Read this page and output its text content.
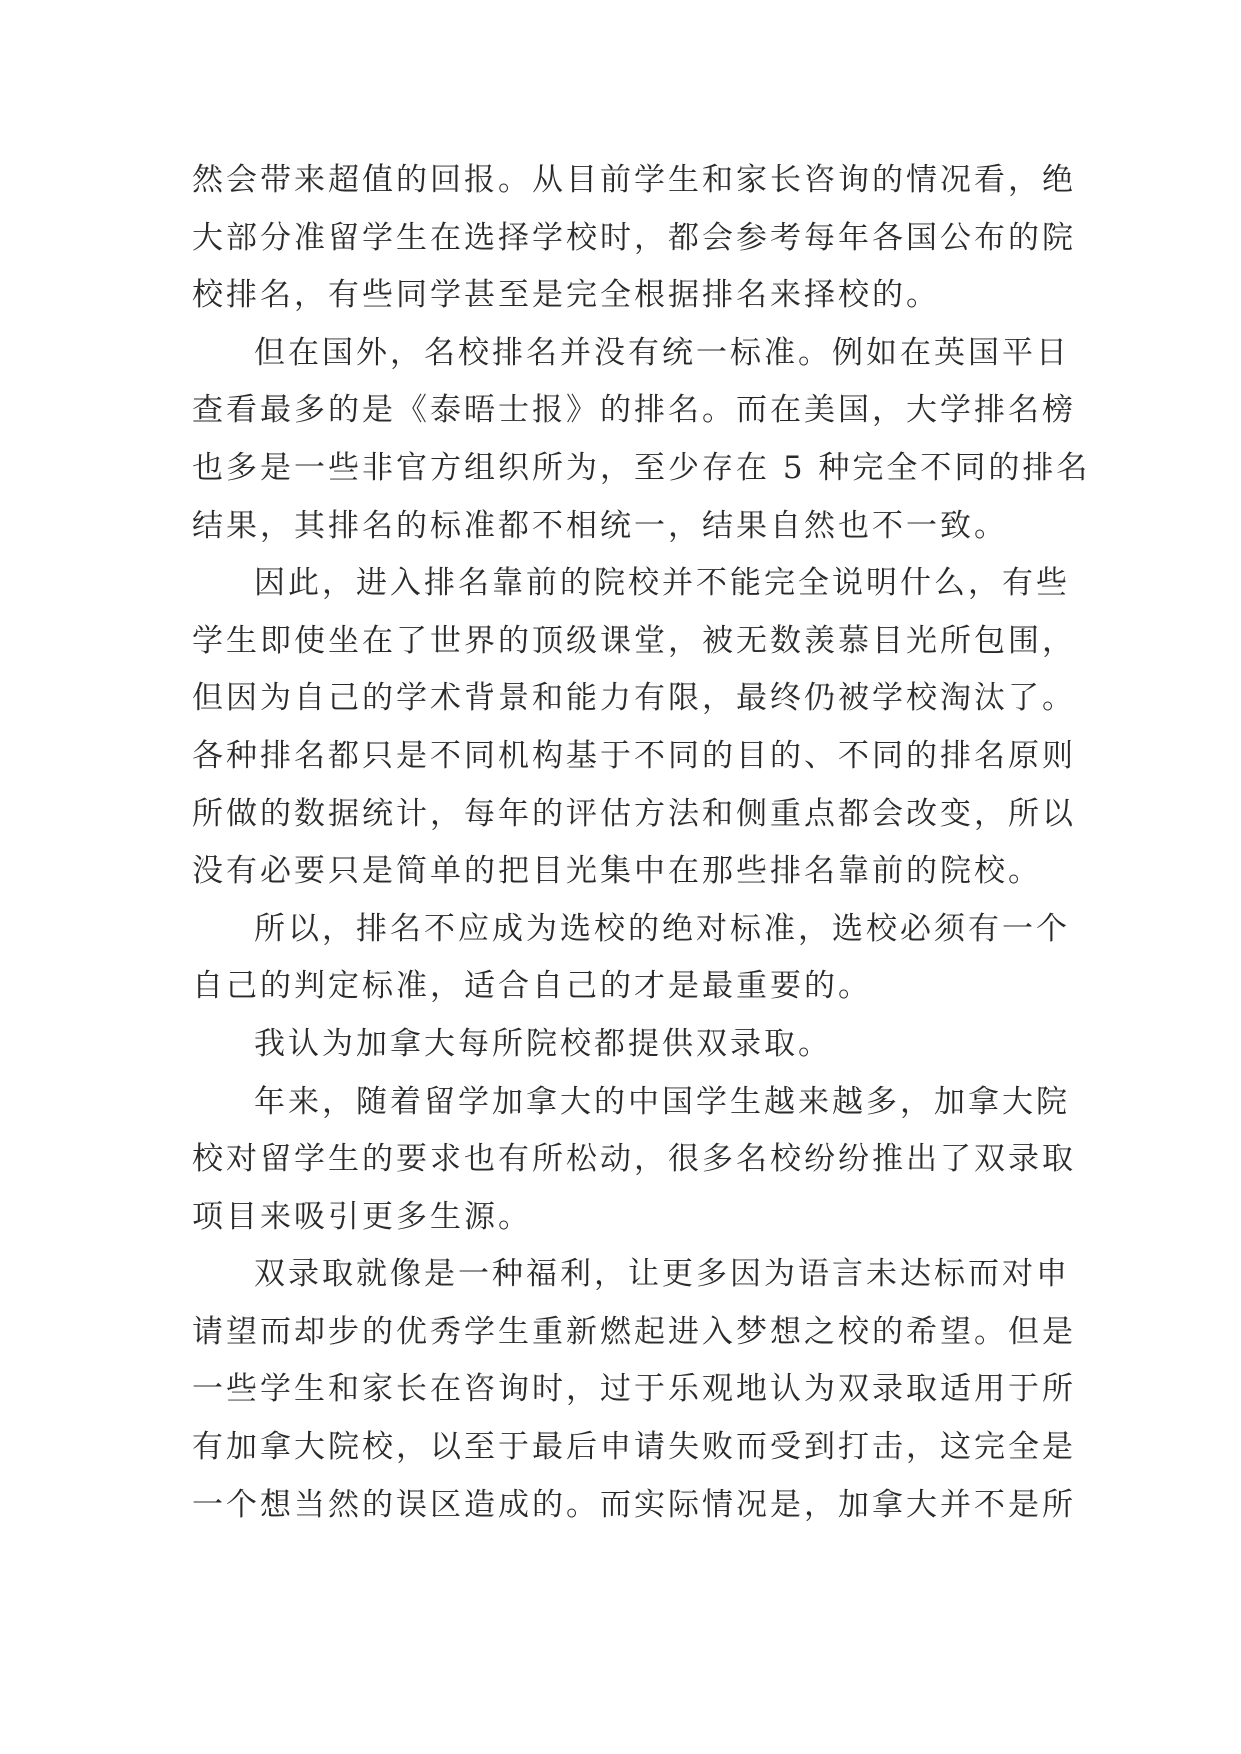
然会带来超值的回报。从目前学生和家长咨询的情况看，绝
大部分准留学生在选择学校时，都会参考每年各国公布的院
校排名，有些同学甚至是完全根据排名来择校的。
但在国外，名校排名并没有统一标准。例如在英国平日
查看最多的是《泰晤士报》的排名。而在美国，大学排名榜
也多是一些非官方组织所为，至少存在 5 种完全不同的排名
结果，其排名的标准都不相统一，结果自然也不一致。
因此，进入排名靠前的院校并不能完全说明什么，有些
学生即使坐在了世界的顶级课堂，被无数羡慕目光所包围，
但因为自己的学术背景和能力有限，最终仍被学校淘汰了。
各种排名都只是不同机构基于不同的目的、不同的排名原则
所做的数据统计，每年的评估方法和侧重点都会改变，所以
没有必要只是简单的把目光集中在那些排名靠前的院校。
所以，排名不应成为选校的绝对标准，选校必须有一个
自己的判定标准，适合自己的才是最重要的。
我认为加拿大每所院校都提供双录取。
年来，随着留学加拿大的中国学生越来越多，加拿大院
校对留学生的要求也有所松动，很多名校纷纷推出了双录取
项目来吸引更多生源。
双录取就像是一种福利，让更多因为语言未达标而对申
请望而却步的优秀学生重新燃起进入梦想之校的希望。但是
一些学生和家长在咨询时，过于乐观地认为双录取适用于所
有加拿大院校，以至于最后申请失败而受到打击，这完全是
一个想当然的误区造成的。而实际情况是，加拿大并不是所
